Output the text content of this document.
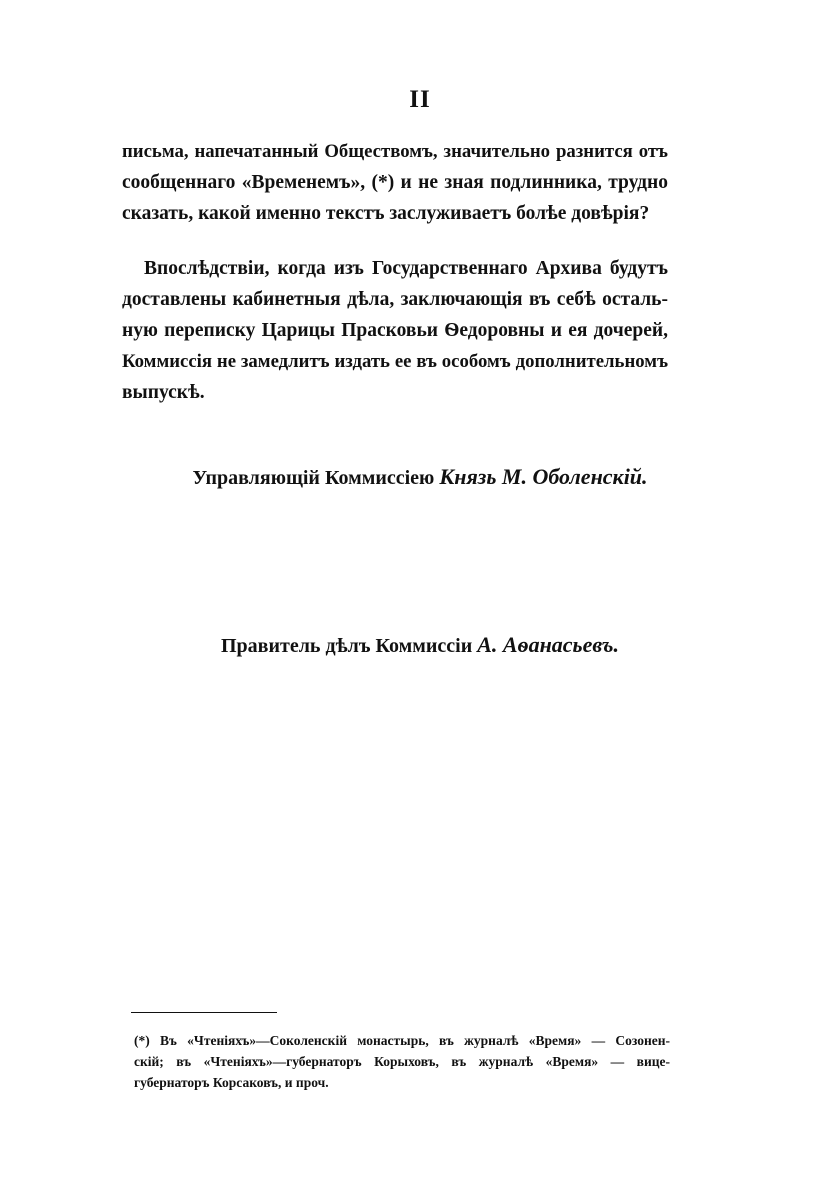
II
письма, напечатанный Обществомъ, значительно разнится отъ
сообщеннаго «Временемъ», (*) и не зная подлинника, трудно
сказать, какой именно текстъ заслуживаетъ болѣе довѣрія?
Впослѣдствіи, когда изъ Государственнаго Архива будутъ
доставлены кабинетныя дѣла, заключающія въ себѣ осталь-
ную переписку Царицы Прасковьи Ѳедоровны и ея дочерей,
Коммиссія не замедлитъ издать ее въ особомъ дополнительномъ
выпускѣ.
Управляющій Коммиссіею Князь М. Оболенскій.
Правитель дѣлъ Коммиссіи А. Аѳанасьевъ.
(*) Въ «Чтеніяхъ»—Соколенскій монастырь, въ журналѣ «Время» — Созонен-
скій; въ «Чтеніяхъ»—губернаторъ Корыховъ, въ журналѣ «Время» — вице-
губернаторъ Корсаковъ, и проч.
